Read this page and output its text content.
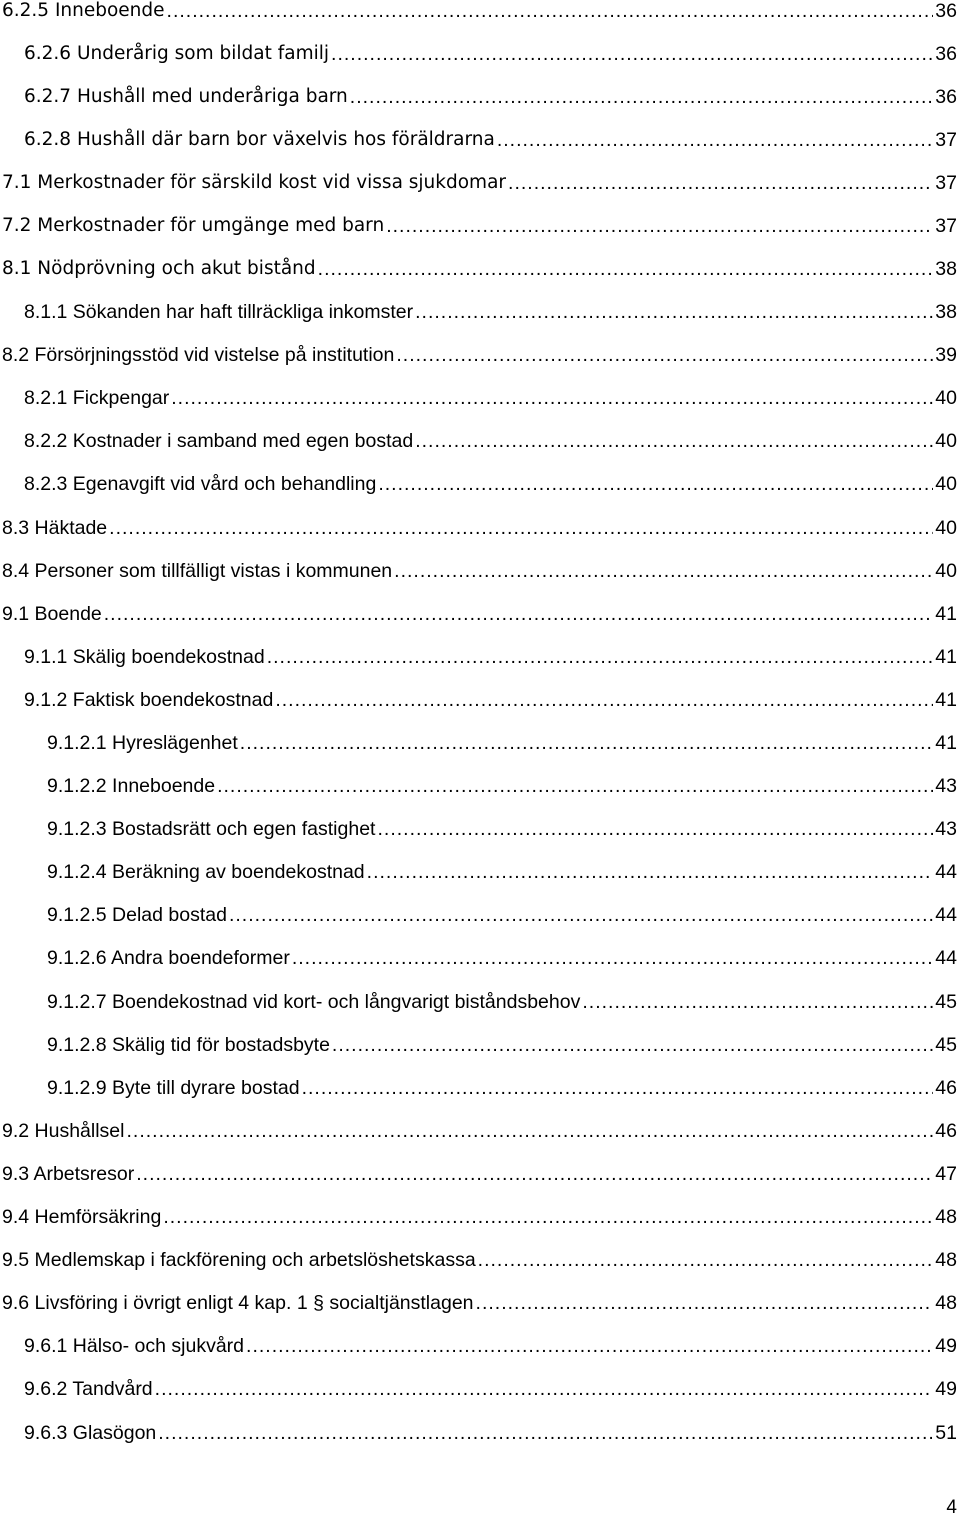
6.2.5 Inneboende .....	36
6.2.6 Underårig som bildat familj .....	36
6.2.7 Hushåll med underåriga barn .....	36
6.2.8 Hushåll där barn bor växelvis hos föräldrarna .....	37
7.1 Merkostnader för särskild kost vid vissa sjukdomar .....	37
7.2 Merkostnader för umgänge med barn .....	37
8.1 Nödprövning och akut bistånd .....	38
8.1.1 Sökanden har haft tillräckliga inkomster .....	38
8.2 Försörjningsstöd vid vistelse på institution .....	39
8.2.1 Fickpengar .....	40
8.2.2 Kostnader i samband med egen bostad .....	40
8.2.3 Egenavgift vid vård och behandling .....	40
8.3 Häktade .....	40
8.4 Personer som tillfälligt vistas i kommunen .....	40
9.1 Boende .....	41
9.1.1 Skälig boendekostnad .....	41
9.1.2 Faktisk boendekostnad .....	41
9.1.2.1 Hyreslägenhet .....	41
9.1.2.2 Inneboende .....	43
9.1.2.3 Bostadsrätt och egen fastighet .....	43
9.1.2.4 Beräkning av boendekostnad .....	44
9.1.2.5 Delad bostad .....	44
9.1.2.6 Andra boendeformer .....	44
9.1.2.7 Boendekostnad vid kort- och långvarigt biståndsbehov .....	45
9.1.2.8 Skälig tid för bostadsbyte .....	45
9.1.2.9 Byte till dyrare bostad .....	46
9.2 Hushållsel .....	46
9.3 Arbetsresor .....	47
9.4 Hemförsäkring .....	48
9.5 Medlemskap i fackförening och arbetslöshetskassa .....	48
9.6 Livsföring i övrigt enligt 4 kap. 1 § socialtjänstlagen .....	48
9.6.1 Hälso- och sjukvård .....	49
9.6.2 Tandvård .....	49
9.6.3 Glasögon .....	51
4
